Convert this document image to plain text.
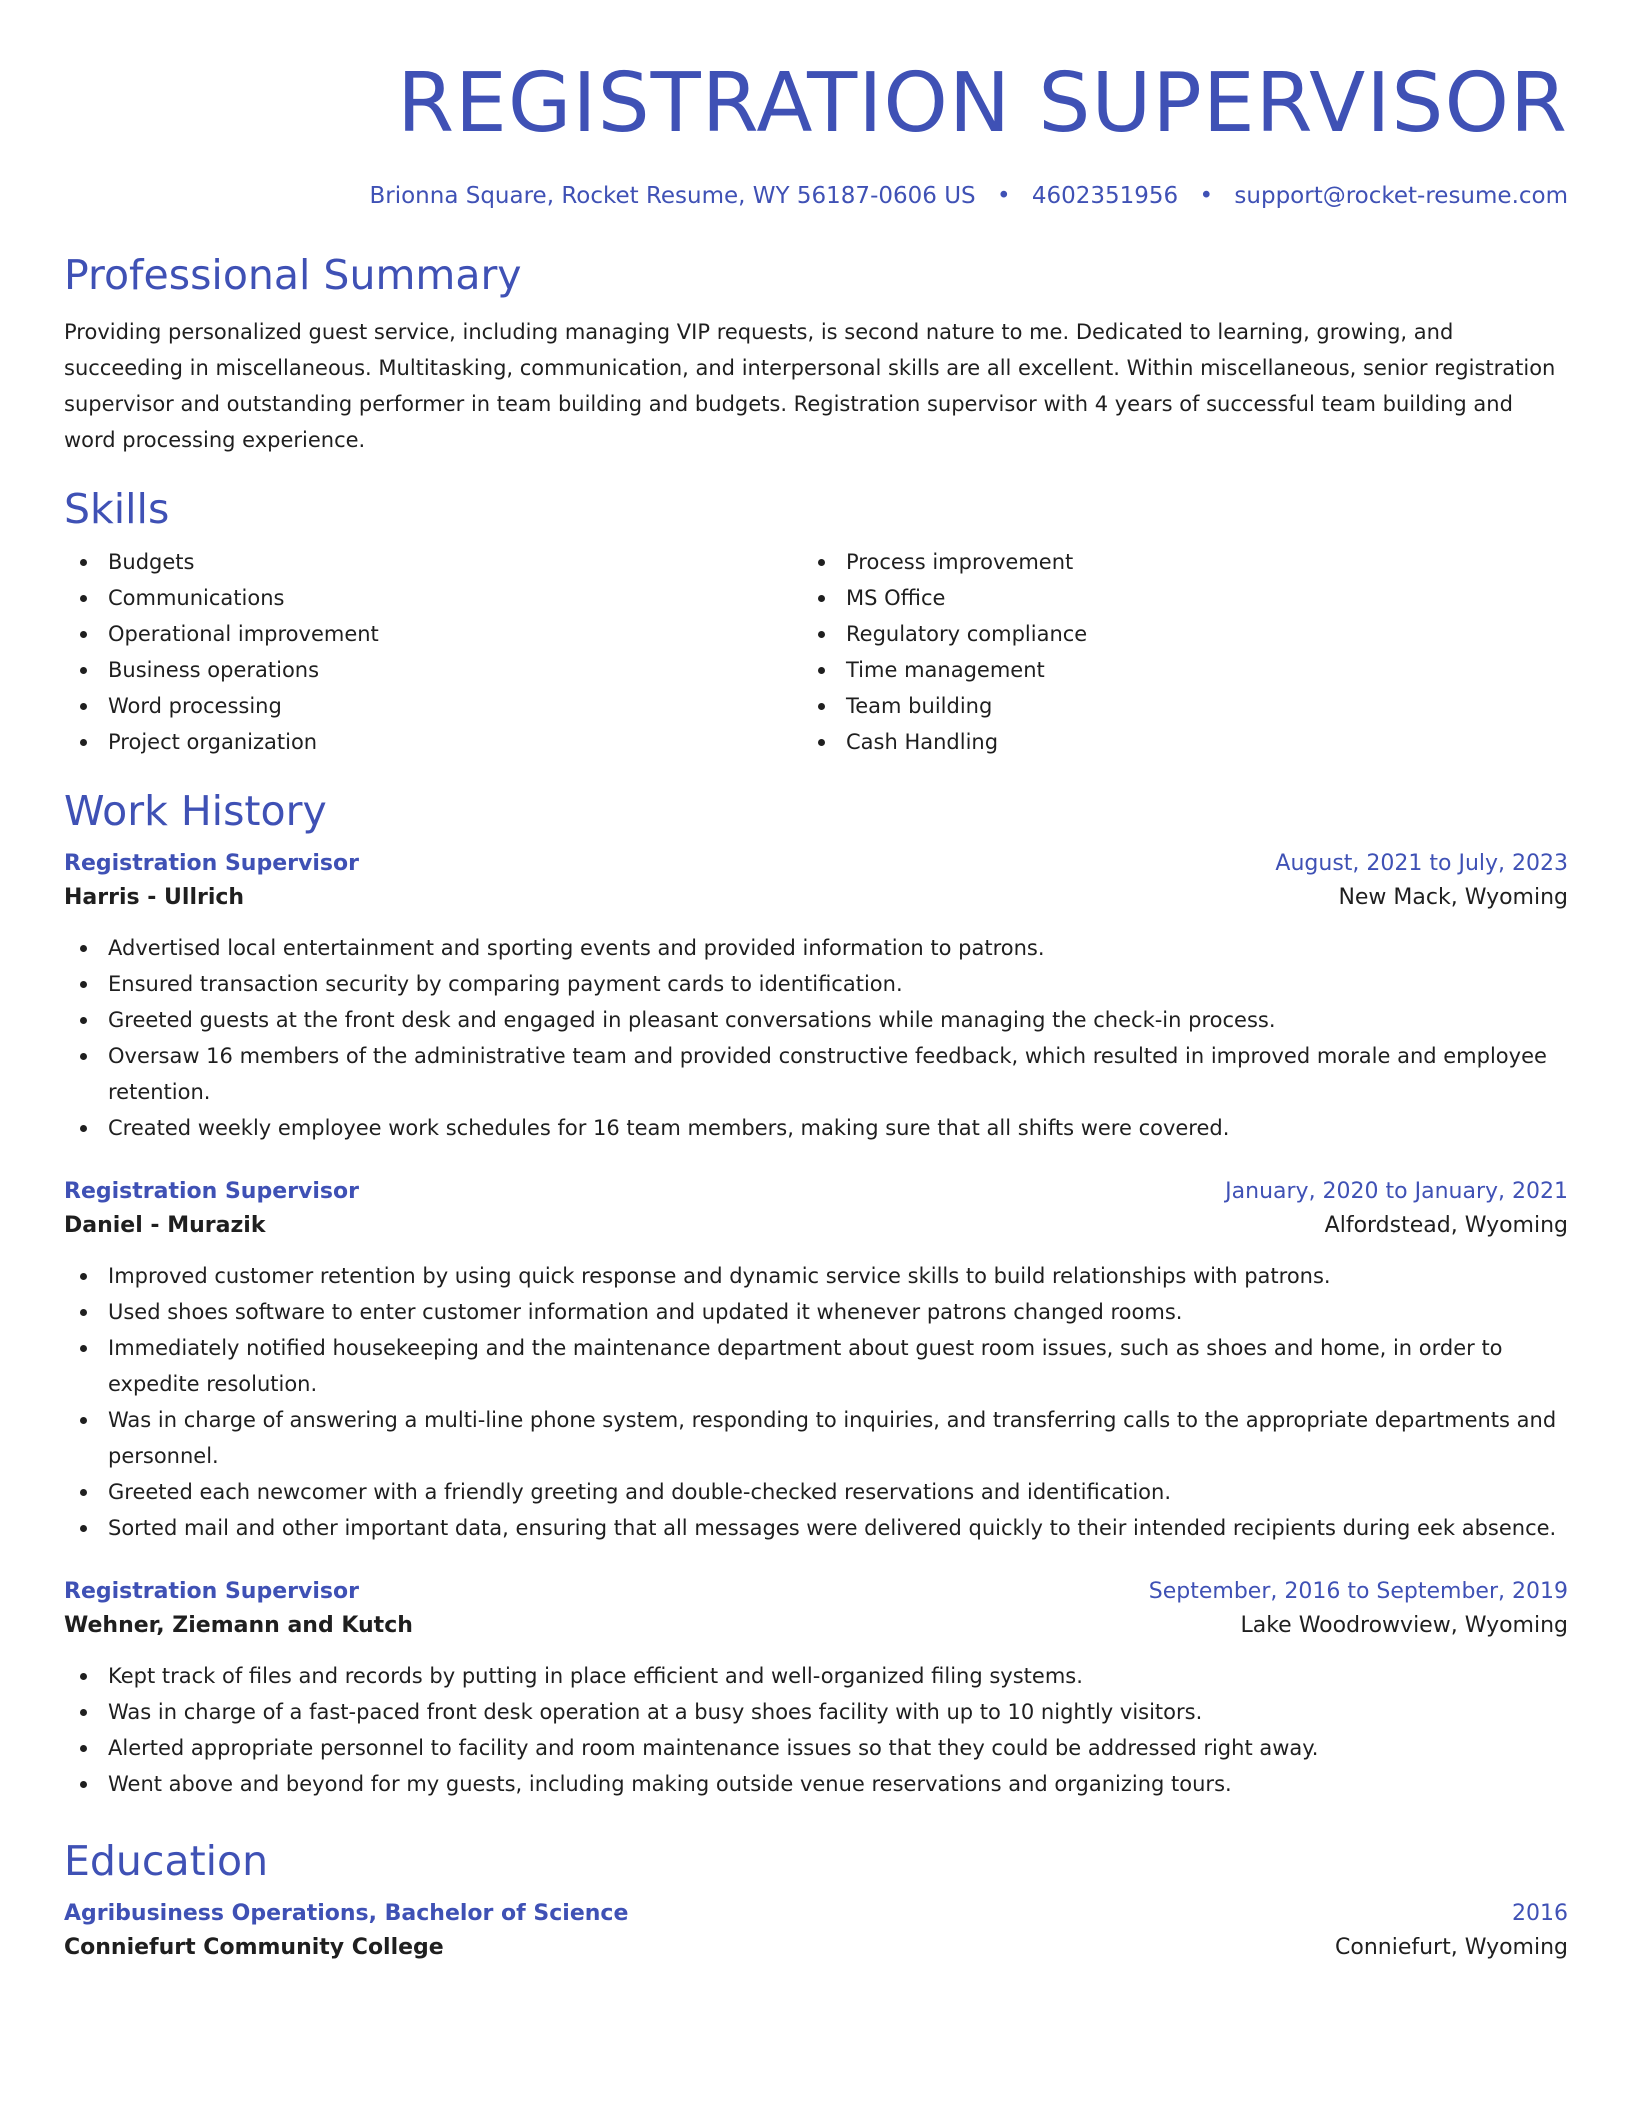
REGISTRATION SUPERVISOR
Brionna Square, Rocket Resume, WY 56187-0606 US • 4602351956 • support@rocket-resume.com
Professional Summary
Providing personalized guest service, including managing VIP requests, is second nature to me. Dedicated to learning, growing, and succeeding in miscellaneous. Multitasking, communication, and interpersonal skills are all excellent. Within miscellaneous, senior registration supervisor and outstanding performer in team building and budgets. Registration supervisor with 4 years of successful team building and word processing experience.
Skills
Budgets
Communications
Operational improvement
Business operations
Word processing
Project organization
Process improvement
MS Office
Regulatory compliance
Time management
Team building
Cash Handling
Work History
Registration Supervisor	August, 2021 to July, 2023
Harris - Ullrich	New Mack, Wyoming
Advertised local entertainment and sporting events and provided information to patrons.
Ensured transaction security by comparing payment cards to identification.
Greeted guests at the front desk and engaged in pleasant conversations while managing the check-in process.
Oversaw 16 members of the administrative team and provided constructive feedback, which resulted in improved morale and employee retention.
Created weekly employee work schedules for 16 team members, making sure that all shifts were covered.
Registration Supervisor	January, 2020 to January, 2021
Daniel - Murazik	Alfordstead, Wyoming
Improved customer retention by using quick response and dynamic service skills to build relationships with patrons.
Used shoes software to enter customer information and updated it whenever patrons changed rooms.
Immediately notified housekeeping and the maintenance department about guest room issues, such as shoes and home, in order to expedite resolution.
Was in charge of answering a multi-line phone system, responding to inquiries, and transferring calls to the appropriate departments and personnel.
Greeted each newcomer with a friendly greeting and double-checked reservations and identification.
Sorted mail and other important data, ensuring that all messages were delivered quickly to their intended recipients during eek absence.
Registration Supervisor	September, 2016 to September, 2019
Wehner, Ziemann and Kutch	Lake Woodrowview, Wyoming
Kept track of files and records by putting in place efficient and well-organized filing systems.
Was in charge of a fast-paced front desk operation at a busy shoes facility with up to 10 nightly visitors.
Alerted appropriate personnel to facility and room maintenance issues so that they could be addressed right away.
Went above and beyond for my guests, including making outside venue reservations and organizing tours.
Education
Agribusiness Operations, Bachelor of Science	2016
Conniefurt Community College	Conniefurt, Wyoming
